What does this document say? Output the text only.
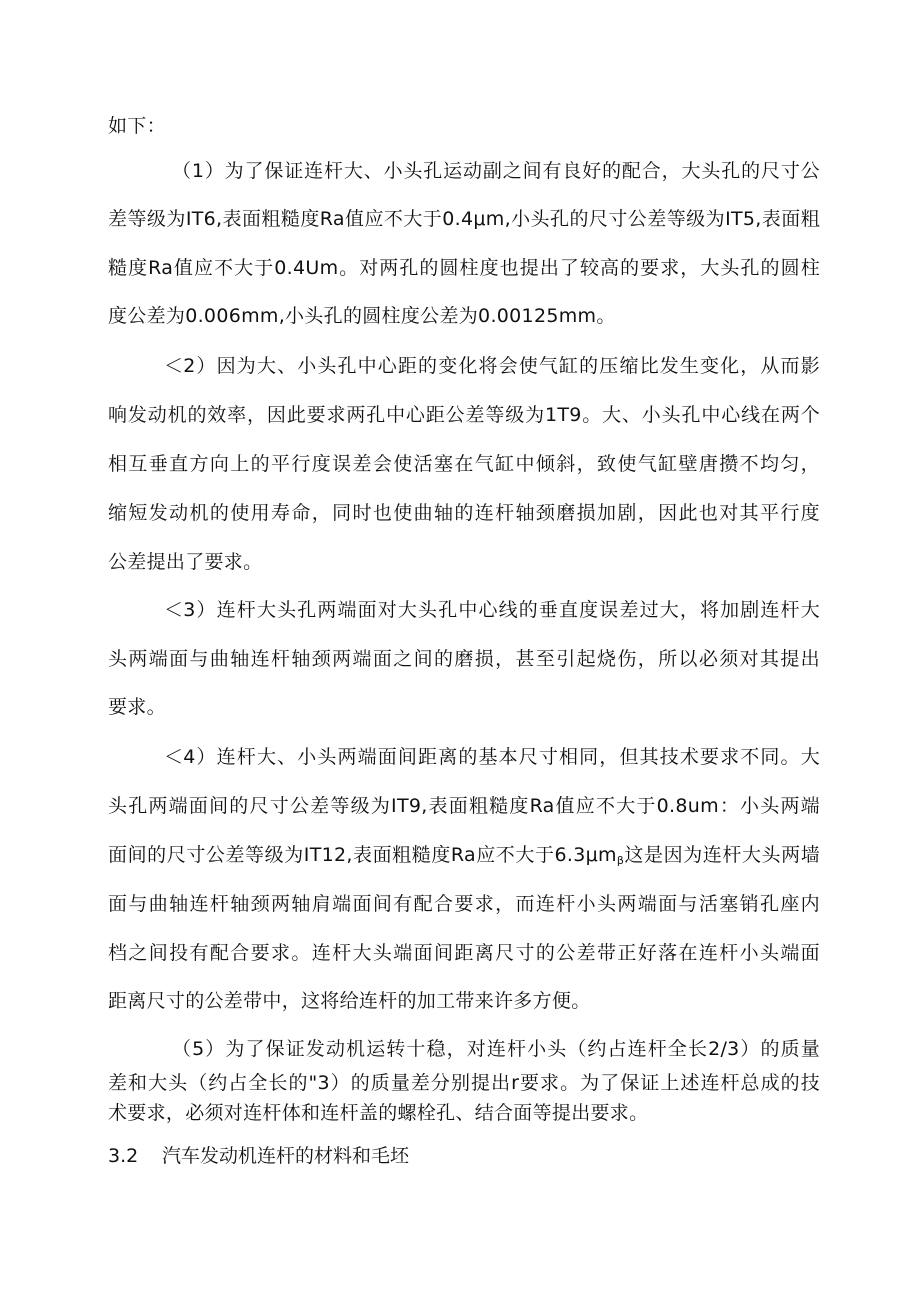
如下：
（1）为了保证连杆大、小头孔运动副之间有良好的配合，大头孔的尺寸公
差等级为IT6,表面粗糙度Ra值应不大于0.4μm,小头孔的尺寸公差等级为IT5,表面粗
糙度Ra值应不大于0.4Um。对两孔的圆柱度也提出了较高的要求，大头孔的圆柱
度公差为0.006mm,小头孔的圆柱度公差为0.00125mm。
＜2）因为大、小头孔中心距的变化将会使气缸的压缩比发生变化，从而影
响发动机的效率，因此要求两孔中心距公差等级为1T9。大、小头孔中心线在两个
相互垂直方向上的平行度误差会使活塞在气缸中倾斜，致使气缸壁唐攒不均匀，
缩短发动机的使用寿命，同时也使曲轴的连杆轴颈磨损加剧，因此也对其平行度
公差提出了要求。
＜3）连杆大头孔两端面对大头孔中心线的垂直度误差过大，将加剧连杆大
头两端面与曲轴连杆轴颈两端面之间的磨损，甚至引起烧伤，所以必须对其提出
要求。
＜4）连杆大、小头两端面间距离的基本尺寸相同，但其技术要求不同。大
头孔两端面间的尺寸公差等级为IT9,表面粗糙度Ra值应不大于0.8um：小头两端
面间的尺寸公差等级为IT12,表面粗糙度Ra应不大于$6.3\mu m_\beta$这是因为连杆大头两墙
面与曲轴连杆轴颈两轴肩端面间有配合要求，而连杆小头两端面与活塞销孔座内
档之间投有配合要求。连杆大头端面间距离尺寸的公差带正好落在连杆小头端面
距离尺寸的公差带中，这将给连杆的加工带来许多方便。
（5）为了保证发动机运转十稳，对连杆小头（约占连杆全长2/3）的质量
差和大头（约占全长的"3）的质量差分别提出r要求。为了保证上述连杆总成的技
术要求，必须对连杆体和连杆盖的螺栓孔、结合面等提出要求。
3.2 汽车发动机连杆的材料和毛坯
